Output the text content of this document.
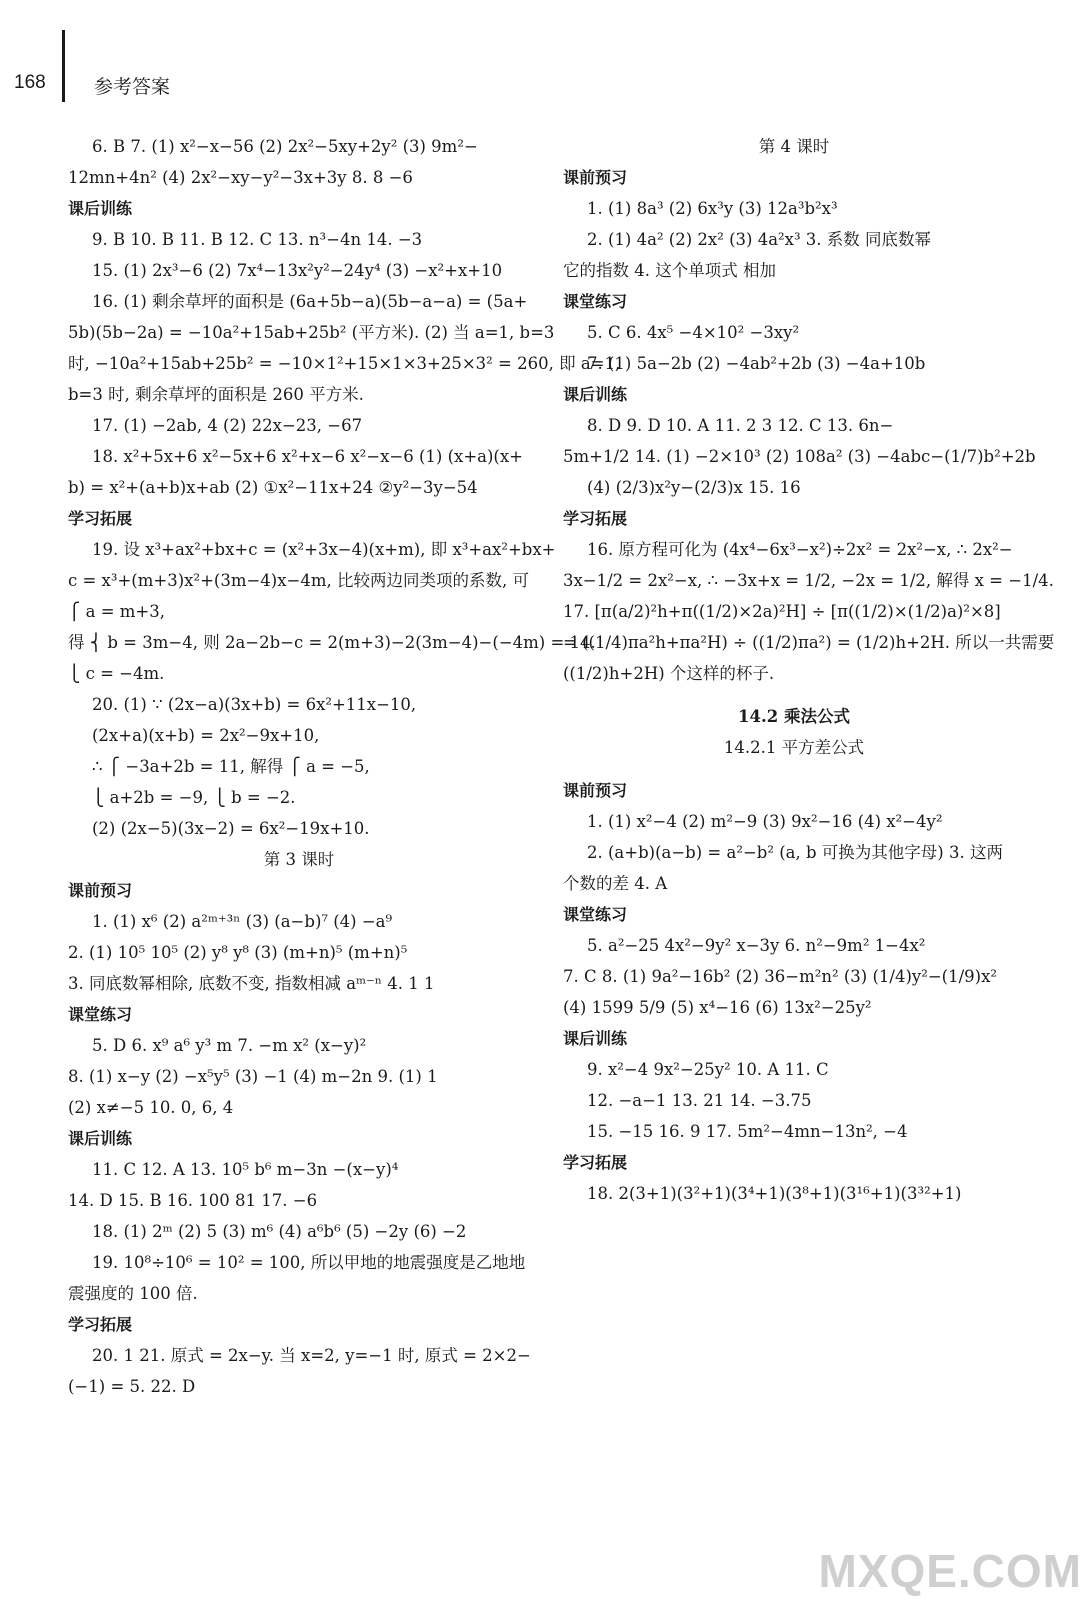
168	参考答案
6. B 7. (1) x²−x−56 (2) 2x²−5xy+2y² (3) 9m²−
12mn+4n² (4) 2x²−xy−y²−3x+3y 8. 8 −6
课后训练
9. B 10. B 11. B 12. C 13. n³−4n 14. −3
15. (1) 2x³−6 (2) 7x⁴−13x²y²−24y⁴ (3) −x²+x+10
16. (1) 剩余草坪的面积是 (6a+5b−a)(5b−a−a) = (5a+
5b)(5b−2a) = −10a²+15ab+25b² (平方米). (2) 当 a=1, b=3
时, −10a²+15ab+25b² = −10×1²+15×1×3+25×3² = 260, 即 a=1,
b=3 时, 剩余草坪的面积是 260 平方米.
17. (1) −2ab, 4 (2) 22x−23, −67
18. x²+5x+6 x²−5x+6 x²+x−6 x²−x−6 (1) (x+a)(x+
b) = x²+(a+b)x+ab (2) ①x²−11x+24 ②y²−3y−54
学习拓展
19. 设 x³+ax²+bx+c = (x²+3x−4)(x+m), 即 x³+ax²+bx+
c = x³+(m+3)x²+(3m−4)x−4m, 比较两边同类项的系数, 可
⎧ a = m+3,
得 ⎨ b = 3m−4, 则 2a−2b−c = 2(m+3)−2(3m−4)−(−4m) = 14.
⎩ c = −4m.
20. (1) ∵ (2x−a)(3x+b) = 6x²+11x−10,
(2x+a)(x+b) = 2x²−9x+10,
∴ ⎧ −3a+2b = 11, 解得 ⎧ a = −5,
⎩ a+2b = −9, ⎩ b = −2.
(2) (2x−5)(3x−2) = 6x²−19x+10.
第 3 课时
课前预习
1. (1) x⁶ (2) a²ᵐ⁺³ⁿ (3) (a−b)⁷ (4) −a⁹
2. (1) 10⁵ 10⁵ (2) y⁸ y⁸ (3) (m+n)⁵ (m+n)⁵
3. 同底数幂相除, 底数不变, 指数相减 aᵐ⁻ⁿ 4. 1 1
课堂练习
5. D 6. x⁹ a⁶ y³ m 7. −m x² (x−y)²
8. (1) x−y (2) −x⁵y⁵ (3) −1 (4) m−2n 9. (1) 1
(2) x≠−5 10. 0, 6, 4
课后训练
11. C 12. A 13. 10⁵ b⁶ m−3n −(x−y)⁴
14. D 15. B 16. 100 81 17. −6
18. (1) 2ᵐ (2) 5 (3) m⁶ (4) a⁶b⁶ (5) −2y (6) −2
19. 10⁸÷10⁶ = 10² = 100, 所以甲地的地震强度是乙地地
震强度的 100 倍.
学习拓展
20. 1 21. 原式 = 2x−y. 当 x=2, y=−1 时, 原式 = 2×2−
(−1) = 5. 22. D
第 4 课时
课前预习
1. (1) 8a³ (2) 6x³y (3) 12a³b²x³
2. (1) 4a² (2) 2x² (3) 4a²x³ 3. 系数 同底数幂
它的指数 4. 这个单项式 相加
课堂练习
5. C 6. 4x⁵ −4×10² −3xy²
7. (1) 5a−2b (2) −4ab²+2b (3) −4a+10b
课后训练
8. D 9. D 10. A 11. 2 3 12. C 13. 6n−
5m+1/2 14. (1) −2×10³ (2) 108a² (3) −4abc−(1/7)b²+2b
(4) (2/3)x²y−(2/3)x 15. 16
学习拓展
16. 原方程可化为 (4x⁴−6x³−x²)÷2x² = 2x²−x, ∴ 2x²−
3x−1/2 = 2x²−x, ∴ −3x+x = 1/2, −2x = 1/2, 解得 x = −1/4.
17. [π(a/2)²h+π((1/2)×2a)²H] ÷ [π((1/2)×(1/2)a)²×8]
= ((1/4)πa²h+πa²H) ÷ ((1/2)πa²) = (1/2)h+2H. 所以一共需要
((1/2)h+2H) 个这样的杯子.
14.2 乘法公式
14.2.1 平方差公式
课前预习
1. (1) x²−4 (2) m²−9 (3) 9x²−16 (4) x²−4y²
2. (a+b)(a−b) = a²−b² (a, b 可换为其他字母) 3. 这两
个数的差 4. A
课堂练习
5. a²−25 4x²−9y² x−3y 6. n²−9m² 1−4x²
7. C 8. (1) 9a²−16b² (2) 36−m²n² (3) (1/4)y²−(1/9)x²
(4) 1599 5/9 (5) x⁴−16 (6) 13x²−25y²
课后训练
9. x²−4 9x²−25y² 10. A 11. C
12. −a−1 13. 21 14. −3.75
15. −15 16. 9 17. 5m²−4mn−13n², −4
学习拓展
18. 2(3+1)(3²+1)(3⁴+1)(3⁸+1)(3¹⁶+1)(3³²+1)
MXQE.COM
